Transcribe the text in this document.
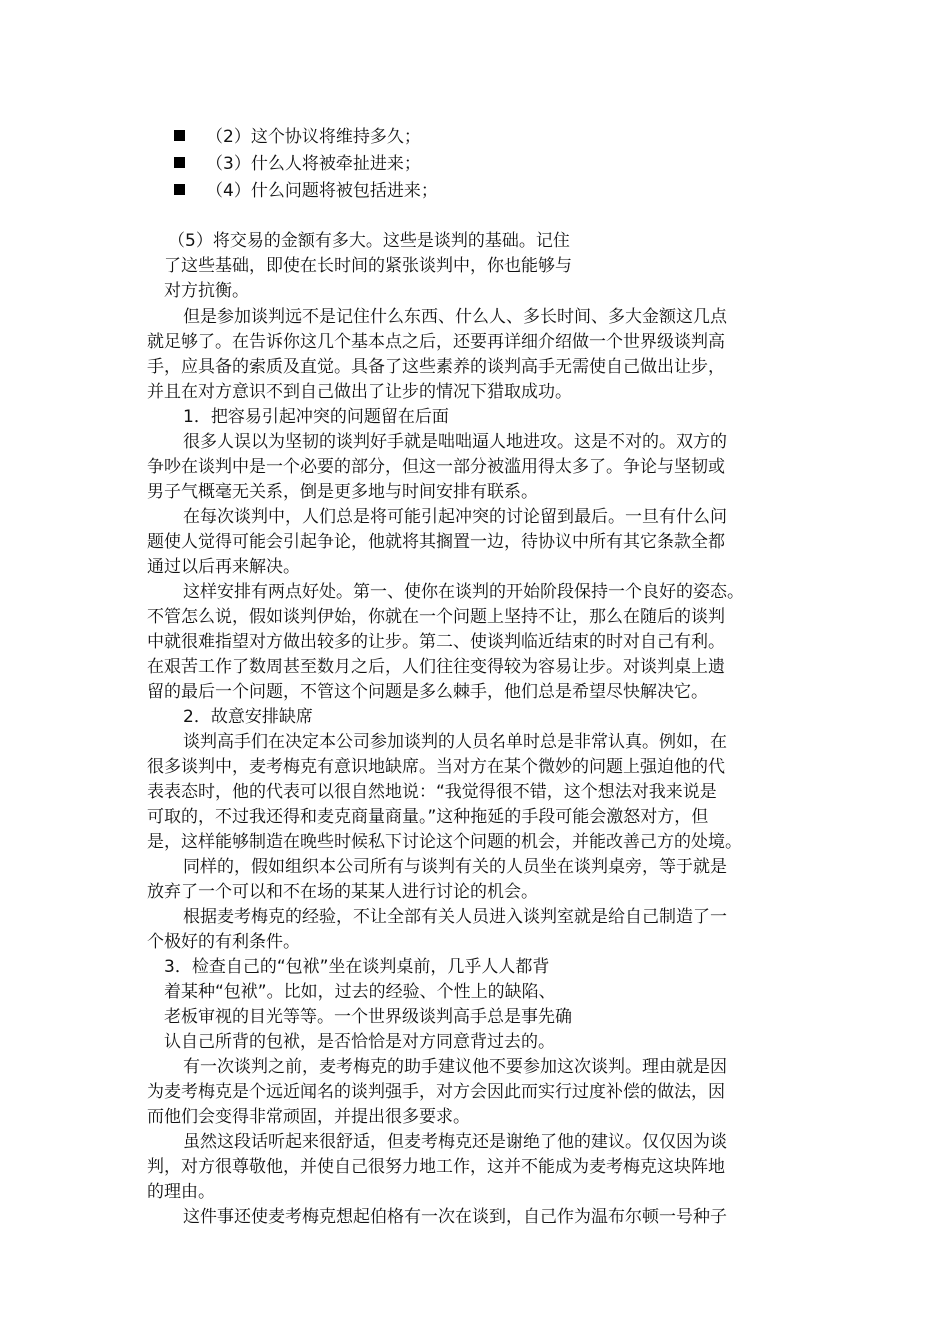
（2）这个协议将维持多久；
（3）什么人将被牵扯进来；
（4）什么问题将被包括进来；
（5）将交易的金额有多大。这些是谈判的基础。记住
了这些基础，即使在长时间的紧张谈判中，你也能够与
对方抗衡。
但是参加谈判远不是记住什么东西、什么人、多长时间、多大金额这几点
就足够了。在告诉你这几个基本点之后，还要再详细介绍做一个世界级谈判高
手，应具备的索质及直觉。具备了这些素养的谈判高手无需使自己做出让步，
并且在对方意识不到自己做出了让步的情况下猎取成功。
1．把容易引起冲突的问题留在后面
很多人误以为坚韧的谈判好手就是咄咄逼人地进攻。这是不对的。双方的
争吵在谈判中是一个必要的部分，但这一部分被滥用得太多了。争论与坚韧或
男子气概毫无关系，倒是更多地与时间安排有联系。
在每次谈判中，人们总是将可能引起冲突的讨论留到最后。一旦有什么问
题使人觉得可能会引起争论，他就将其搁置一边，待协议中所有其它条款全都
通过以后再来解决。
这样安排有两点好处。第一、使你在谈判的开始阶段保持一个良好的姿态。
不管怎么说，假如谈判伊始，你就在一个问题上坚持不让，那么在随后的谈判
中就很难指望对方做出较多的让步。第二、使谈判临近结束的时对自己有利。
在艰苦工作了数周甚至数月之后，人们往往变得较为容易让步。对谈判桌上遗
留的最后一个问题，不管这个问题是多么棘手，他们总是希望尽快解决它。
2．故意安排缺席
谈判高手们在决定本公司参加谈判的人员名单时总是非常认真。例如，在
很多谈判中，麦考梅克有意识地缺席。当对方在某个微妙的问题上强迫他的代
表表态时，他的代表可以很自然地说：“我觉得很不错，这个想法对我来说是
可取的，不过我还得和麦克商量商量。”这种拖延的手段可能会激怒对方，但
是，这样能够制造在晚些时候私下讨论这个问题的机会，并能改善己方的处境。
同样的，假如组织本公司所有与谈判有关的人员坐在谈判桌旁，等于就是
放弃了一个可以和不在场的某某人进行讨论的机会。
根据麦考梅克的经验，不让全部有关人员进入谈判室就是给自己制造了一
个极好的有利条件。
3．检查自己的“包袱”坐在谈判桌前，几乎人人都背
着某种“包袱”。比如，过去的经验、个性上的缺陷、
老板审视的目光等等。一个世界级谈判高手总是事先确
认自己所背的包袱，是否恰恰是对方同意背过去的。
有一次谈判之前，麦考梅克的助手建议他不要参加这次谈判。理由就是因
为麦考梅克是个远近闻名的谈判强手，对方会因此而实行过度补偿的做法，因
而他们会变得非常顽固，并提出很多要求。
虽然这段话听起来很舒适，但麦考梅克还是谢绝了他的建议。仅仅因为谈
判，对方很尊敬他，并使自己很努力地工作，这并不能成为麦考梅克这块阵地
的理由。
这件事还使麦考梅克想起伯格有一次在谈到，自己作为温布尔顿一号种子
